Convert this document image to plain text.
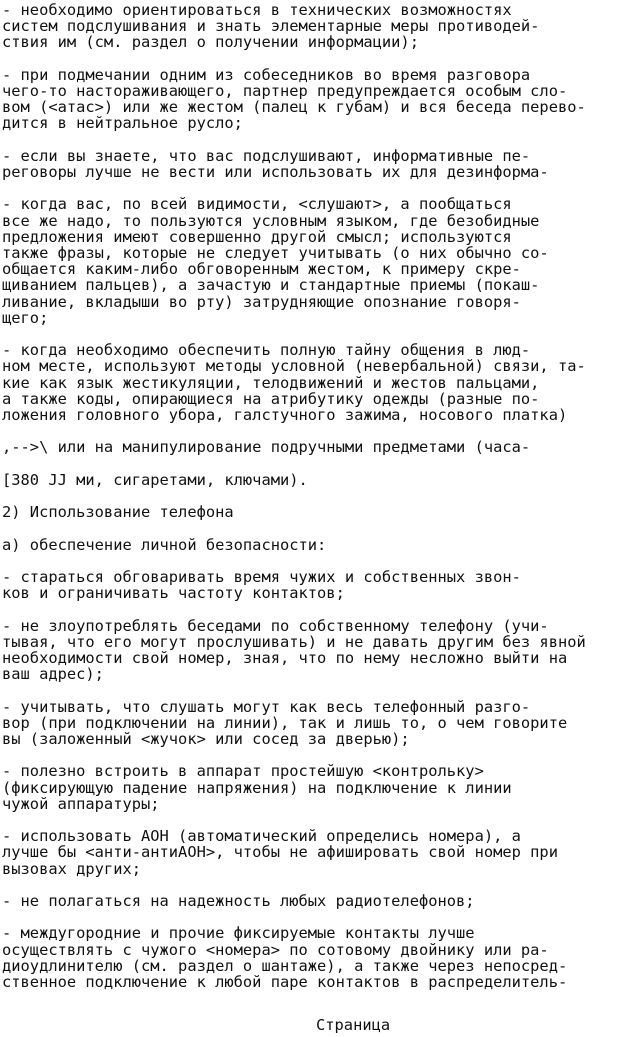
- необходимо ориентироваться в технических возможностях
систем подслушивания и знать элементарные меры противодей-
ствия им (см. раздел о получении информации);
- при подмечании одним из собеседников во время разговора
чего-то настораживающего, партнер предупреждается особым сло-
вом (<атас>) или же жестом (палец к губам) и вся беседа перево-
дится в нейтральное русло;
- если вы знаете, что вас подслушивают, информативные пе-
реговоры лучше не вести или использовать их для дезинформа-
- когда вас, по всей видимости, <слушают>, а пообщаться
все же надо, то пользуются условным языком, где безобидные
предложения имеют совершенно другой смысл; используются
также фразы, которые не следует учитывать (о них обычно со-
общается каким-либо обговоренным жестом, к примеру скре-
щиванием пальцев), а зачастую и стандартные приемы (покаш-
ливание, вкладыши во рту) затрудняющие опознание говоря-
щего;
- когда необходимо обеспечить полную тайну общения в люд-
ном месте, используют методы условной (невербальной) связи, та-
кие как язык жестикуляции, телодвижений и жестов пальцами,
а также коды, опирающиеся на атрибутику одежды (разные по-
ложения головного убора, галстучного зажима, носового платка)
,-->\ или на манипулирование подручными предметами (часа-
[380 JJ ми, сигаретами, ключами).
2) Использование телефона
а) обеспечение личной безопасности:
- стараться обговаривать время чужих и собственных звон-
ков и ограничивать частоту контактов;
- не злоупотреблять беседами по собственному телефону (учи-
тывая, что его могут прослушивать) и не давать другим без явной
необходимости свой номер, зная, что по нему несложно выйти на
ваш адрес);
- учитывать, что слушать могут как весь телефонный разго-
вор (при подключении на линии), так и лишь то, о чем говорите
вы (заложенный <жучок> или сосед за дверью);
- полезно встроить в аппарат простейшую <контрольку>
(фиксирующую падение напряжения) на подключение к линии
чужой аппаратуры;
- использовать АОН (автоматический определись номера), а
лучше бы <анти-антиАОН>, чтобы не афишировать свой номер при
вызовах других;
- не полагаться на надежность любых радиотелефонов;
- междугородние и прочие фиксируемые контакты лучше
осуществлять с чужого <номера> по сотовому двойнику или ра-
диоудлинителю (см. раздел о шантаже), а также через непосред-
ственное подключение к любой паре контактов в распределитель-
Страница
